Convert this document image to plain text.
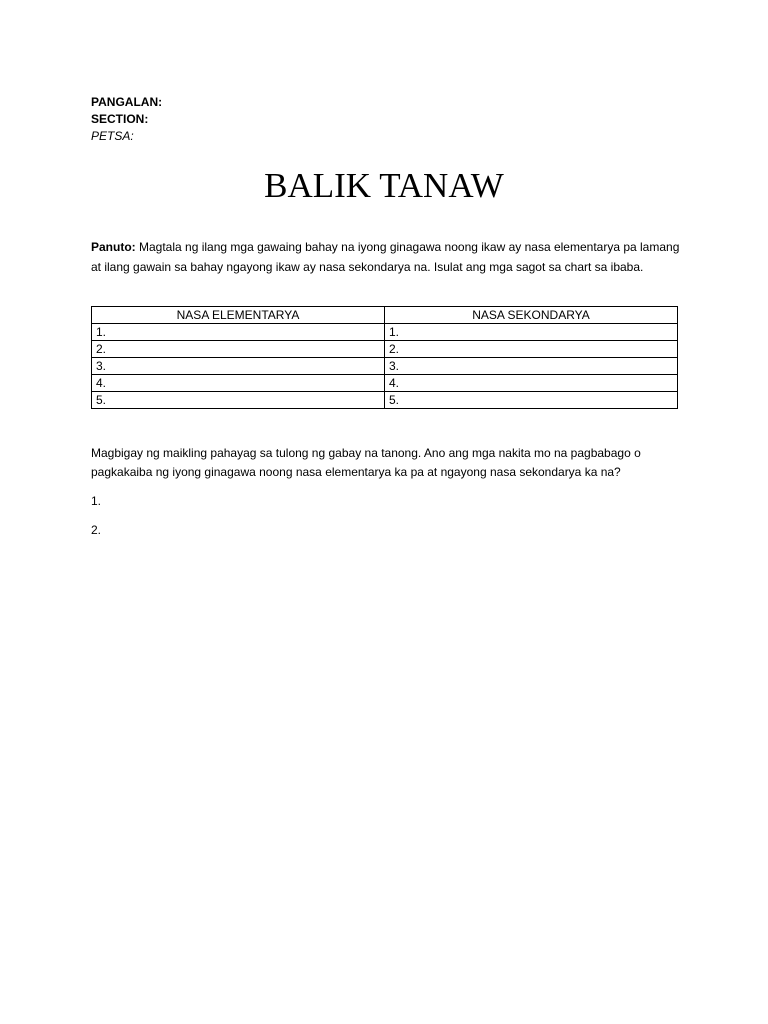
PANGALAN:
SECTION:
PETSA:
BALIK TANAW
Panuto: Magtala ng ilang mga gawaing bahay na iyong ginagawa noong ikaw ay nasa elementarya pa lamang at ilang gawain sa bahay ngayong ikaw ay nasa sekondarya na. Isulat ang mga sagot sa chart sa ibaba.
NASA ELEMENTARYA	NASA SEKONDARYA
1.	1.
2.	2.
3.	3.
4.	4.
5.	5.
Magbigay ng maikling pahayag sa tulong ng gabay na tanong. Ano ang mga nakita mo na pagbabago o pagkakaiba ng iyong ginagawa noong nasa elementarya ka pa at ngayong nasa sekondarya ka na?
1.
2.
